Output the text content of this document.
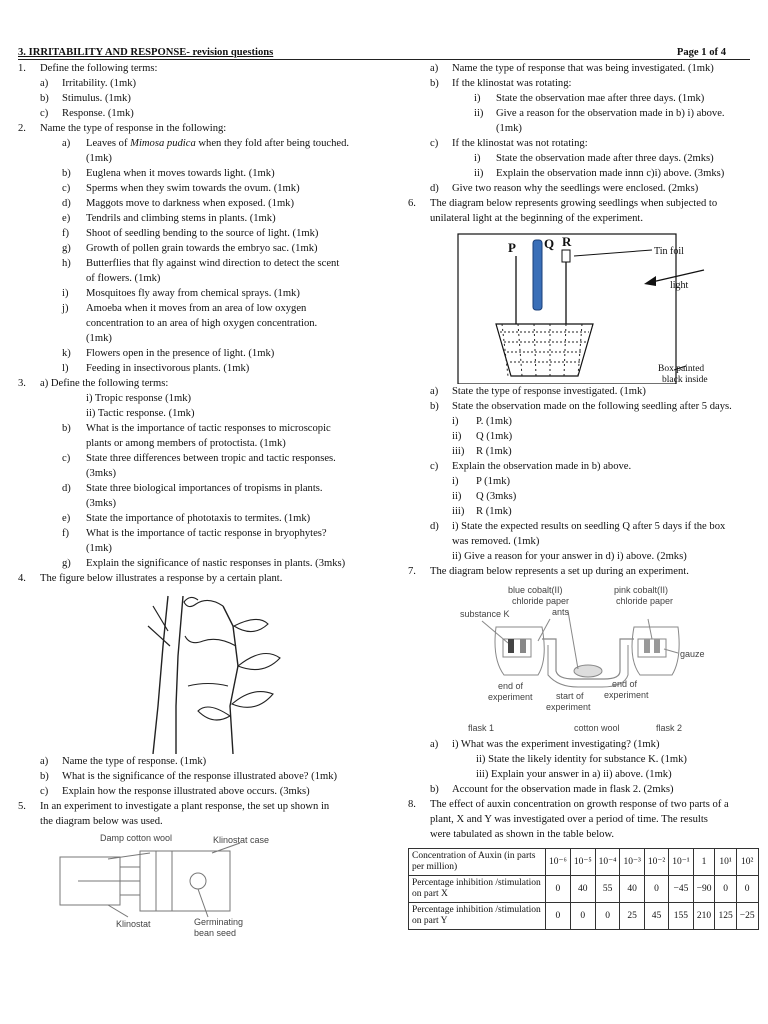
3. IRRITABILITY AND RESPONSE- revision questions	Page 1 of 4
1. Define the following terms:
a) Irritability. (1mk)
b) Stimulus. (1mk)
c) Response. (1mk)
2. Name the type of response in the following:
a) Leaves of Mimosa pudica when they fold after being touched.
(1mk)
b) Euglena when it moves towards light. (1mk)
c) Sperms when they swim towards the ovum. (1mk)
d) Maggots move to darkness when exposed. (1mk)
e) Tendrils and climbing stems in plants. (1mk)
f) Shoot of seedling bending to the source of light. (1mk)
g) Growth of pollen grain towards the embryo sac. (1mk)
h) Butterflies that fly against wind direction to detect the scent
of flowers. (1mk)
i) Mosquitoes fly away from chemical sprays. (1mk)
j) Amoeba when it moves from an area of low oxygen
concentration to an area of high oxygen concentration.
(1mk)
k) Flowers open in the presence of light. (1mk)
l) Feeding in insectivorous plants. (1mk)
3. a) Define the following terms:
i) Tropic response (1mk)
ii) Tactic response. (1mk)
b) What is the importance of tactic responses to microscopic
plants or among members of protoctista. (1mk)
c) State three differences between tropic and tactic responses.
(3mks)
d) State three biological importances of tropisms in plants.
(3mks)
e) State the importance of phototaxis to termites. (1mk)
f) What is the importance of tactic response in bryophytes?
(1mk)
g) Explain the significance of nastic responses in plants. (3mks)
4. The figure below illustrates a response by a certain plant.
a) Name the type of response. (1mk)
b) What is the significance of the response illustrated above? (1mk)
c) Explain how the response illustrated above occurs. (3mks)
5. In an experiment to investigate a plant response, the set up shown in
the diagram below was used.
Damp cotton wool	Klinostat case
Klinostat	Germinating
bean seed
a) Name the type of response that was being investigated. (1mk)
b) If the klinostat was rotating:
i) State the observation mae after three days. (1mk)
ii) Give a reason for the observation made in b) i) above.
(1mk)
c) If the klinostat was not rotating:
i) State the observation made after three days. (2mks)
ii) Explain the observation made innn c)i) above. (3mks)
d) Give two reason why the seedlings were enclosed. (2mks)
6. The diagram below represents growing seedlings when subjected to
unilateral light at the beginning of the experiment.
P Q R
Tin foil
light
Box painted
black inside
a) State the type of response investigated. (1mk)
b) State the observation made on the following seedling after 5 days.
i) P. (1mk)
ii) Q (1mk)
iii) R (1mk)
c) Explain the observation made in b) above.
i) P (1mk)
ii) Q (3mks)
iii) R (1mk)
d) i) State the expected results on seedling Q after 5 days if the box
was removed. (1mk)
ii) Give a reason for your answer in d) i) above. (2mks)
7. The diagram below represents a set up during an experiment.
blue cobalt(II)
chloride paper
pink cobalt(II)
chloride paper
substance K	ants
gauze
end of
experiment	start of
experiment
end of
experiment
flask 1	cotton wool	flask 2
a) i) What was the experiment investigating? (1mk)
ii) State the likely identity for substance K. (1mk)
iii) Explain your answer in a) ii) above. (1mk)
b) Account for the observation made in flask 2. (2mks)
8. The effect of auxin concentration on growth response of two parts of a
plant, X and Y was investigated over a period of time. The results
were tabulated as shown in the table below.
Concentration of Auxin (in parts per million)	10⁻⁶	10⁻⁵	10⁻⁴	10⁻³	10⁻²	10⁻¹	1	10¹	10²
Percentage inhibition /stimulation on part X	0	40	55	40	0	−45	−90	0	0
Percentage inhibition /stimulation on part Y	0	0	0	25	45	155	210	125	−25
